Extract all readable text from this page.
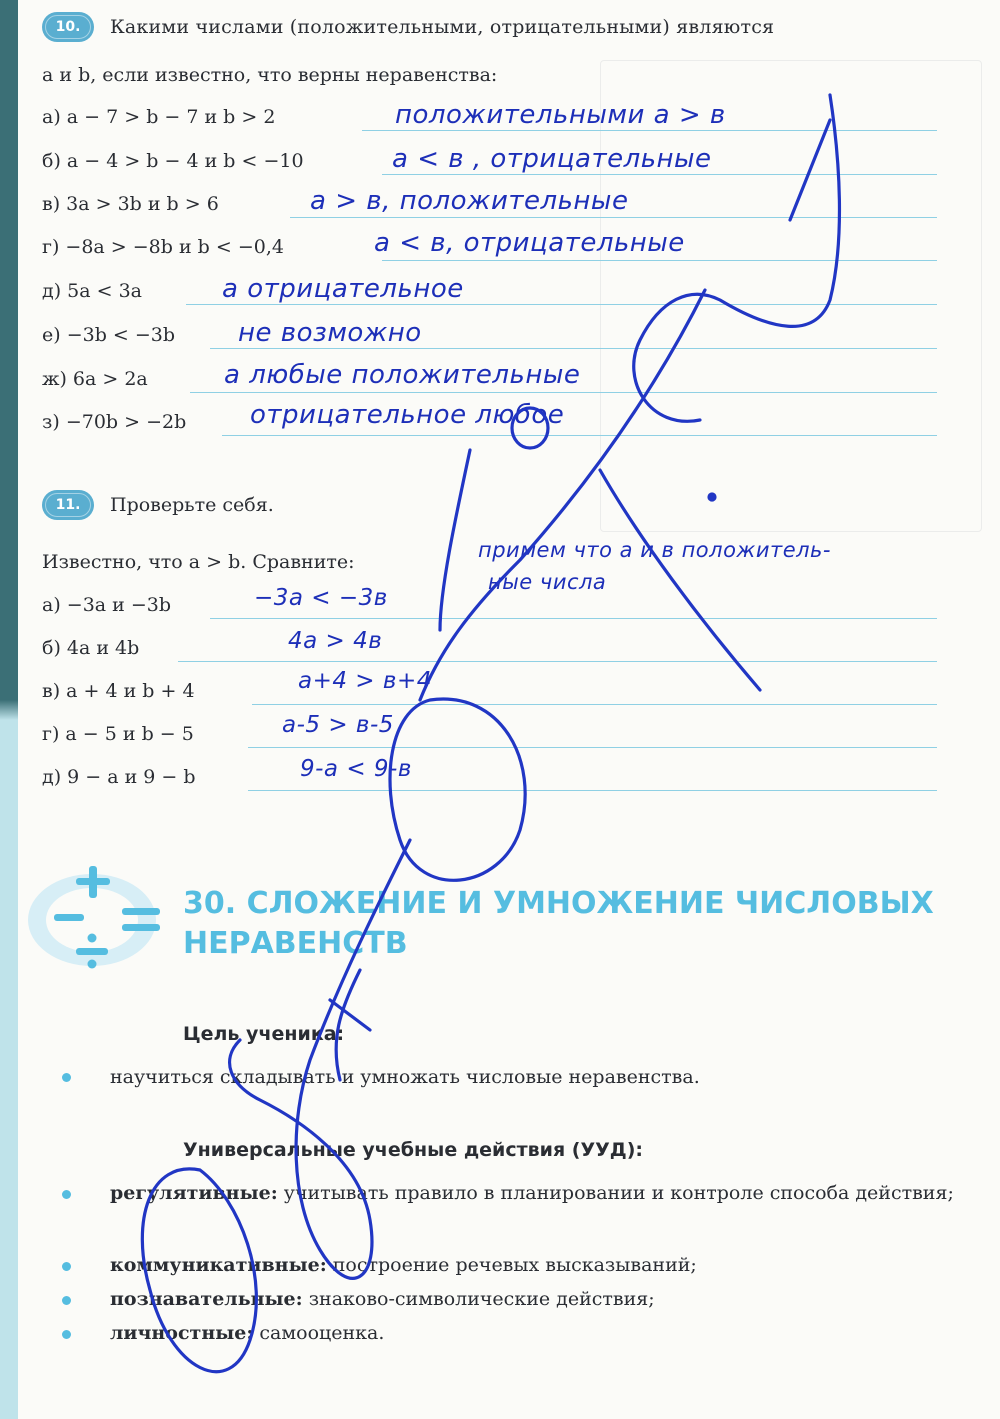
10.	Какими числами (положительными, отрицательными) являются
a и b, если известно, что верны неравенства:
а) a − 7 > b − 7 и b > 2	положительными a > в
б) a − 4 > b − 4 и b < −10	a < в , отрицательные
в) 3a > 3b и b > 6	a > в, положительные
г) −8a > −8b и b < −0,4	a < в, отрицательные
д) 5a < 3a	a отрицательное
е) −3b < −3b не возможно
ж) 6a > 2a	a любые положительные
з) −70b > −2b отрицательное любое
11.	Проверьте себя.
Известно, что a > b. Сравните:	примем что a и в положитель-
ные числа
а) −3a и −3b	−3a < −3в
б) 4a и 4b	4a > 4в
в) a + 4 и b + 4	a+4 > в+4
г) a − 5 и b − 5	a-5 > в-5
д) 9 − a и 9 − b	9-a < 9-в
30. СЛОЖЕНИЕ И УМНОЖЕНИЕ ЧИСЛОВЫХ
НЕРАВЕНСТВ
Цель ученика:
научиться складывать и умножать числовые неравенства.
Универсальные учебные действия (УУД):
регулятивные: учитывать правило в планировании и контроле способа действия;
коммуникативные: построение речевых высказываний;
познавательные: знаково-символические действия;
личностные: самооценка.
